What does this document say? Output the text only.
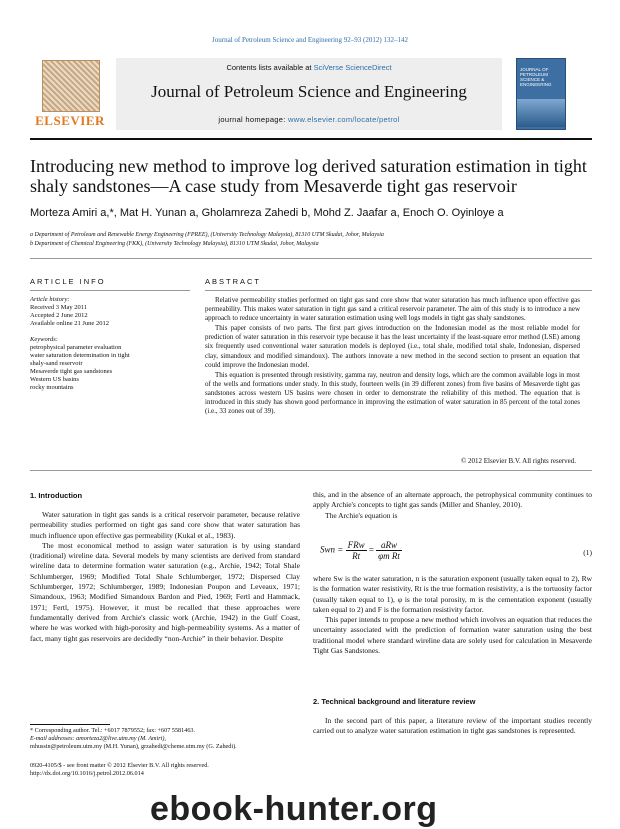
Journal of Petroleum Science and Engineering 92–93 (2012) 132–142
ELSEVIER
Contents lists available at SciVerse ScienceDirect
Journal of Petroleum Science and Engineering
journal homepage: www.elsevier.com/locate/petrol
JOURNAL OF PETROLEUM SCIENCE & ENGINEERING
Introducing new method to improve log derived saturation estimation in tight shaly sandstones—A case study from Mesaverde tight gas reservoir
Morteza Amiri a,*, Mat H. Yunan a, Gholamreza Zahedi b, Mohd Z. Jaafar a, Enoch O. Oyinloye a
a Department of Petroleum and Renewable Energy Engineering (FPREE), (University Technology Malaysia), 81310 UTM Skudai, Johor, Malaysia
b Department of Chemical Engineering (FKK), (University Technology Malaysia), 81310 UTM Skudai, Johor, Malaysia
ARTICLE INFO	ABSTRACT
Article history:
Received 3 May 2011
Accepted 2 June 2012
Available online 21 June 2012
Keywords:
petrophysical parameter evaluation
water saturation determination in tight
shaly-sand reservoir
Mesaverde tight gas sandstones
Western US basins
rocky mountains

Relative permeability studies performed on tight gas sand core show that water saturation has much influence upon effective gas permeability. This makes water saturation in tight gas sand a critical reservoir parameter. The aim of this study is to introduce a new approach to reduce uncertainty in water saturation estimation using well logs models in tight gas shaly sandstones.

This paper consists of two parts. The first part gives introduction on the Indonesian model as the most reliable model for prediction of water saturation in this reservoir type because it has the least uncertainty if the least-square error method (LSE) among six frequently used conventional water saturation models is deployed (i.e., total shale, modified total shale, Indonesian, dispersed clay, simandoux and modified simandoux). The authors innovate a new method in the second section to present an equation that could improve the Indonesian model.

This equation is presented through resistivity, gamma ray, neutron and density logs, which are the common available logs in most of the wells and formations under study. In this study, fourteen wells (in 39 different zones) from five basins of Mesaverde tight gas sandstones across western US basins were chosen in order to demonstrate the reliability of this method. The equation that is introduced in this study has shown good performance in improving the estimation of water saturation in 85 percent of the total zones (i.e., 33 zones out of 39).

© 2012 Elsevier B.V. All rights reserved.
1. Introduction

Water saturation in tight gas sands is a critical reservoir parameter, because relative permeability studies performed on tight gas sand core show that water saturation has much influence upon effective gas permeability (Kukal et al., 1983).

The most economical method to assign water saturation is by using standard (traditional) wireline data. Several models by many scientists are derived from standard wireline data to determine formation water saturation (e.g., Archie, 1942; Total Shale Schlumberger, 1969; Modified Total Shale Schlumberger, 1972; Dispersed Clay Schlumberger, 1972; Schlumberger, 1989; Indonesian Poupon and Leveaux, 1971; Simandoux, 1963; Modified Simandoux Bardon and Pied, 1969; Fertl and Hammack, 1971; Fertl, 1975). However, it must be recalled that these approaches were fundamentally derived from Archie's classic work (Archie, 1942) in the Gulf Coast, where he was worked with high-porosity and high-permeability systems. As a matter of fact, many tight gas reservoirs are decidedly “non-Archie” in their behavior. Despite

this, and in the absence of an alternate approach, the petrophysical community continues to apply Archie's concepts to tight gas sands (Miller and Shanley, 2010).

The Archie's equation is

Swn = $\frac{\text{FRw}}{Rt} = \frac{\text{aRw}}{\text{φm Rt}}$	(1)

where Sw is the water saturation, n is the saturation exponent (usually taken equal to 2), Rw is the formation water resistivity, Rt is the true formation resistivity, a is the tortuosity factor (usually taken equal to 1), φ is the total porosity, m is the cementation exponent (usually taken equal to 2) and F is the formation resistivity factor.

This paper intends to propose a new method which involves an equation that reduces the uncertainty associated with the prediction of formation water saturation using the best traditional model where standard wireline data are solely used for calculation in Mesaverde Tight Gas Sandstones.

2. Technical background and literature review

In the second part of this paper, a literature review of the important studies recently carried out to analyze water saturation estimation in tight gas sandstones is represented.

* Corresponding author. Tel.: +6017 7879552; fax: +607 5581463.
E-mail addresses: amorteza2@live.utm.my (M. Amiri),
mhussin@petroleum.utm.my (M.H. Yunan), grzahedi@chemе.utm.my (G. Zahedi).
0920-4105/$ - see front matter © 2012 Elsevier B.V. All rights reserved.
http://dx.doi.org/10.1016/j.petrol.2012.06.014
ebook-hunter.org
